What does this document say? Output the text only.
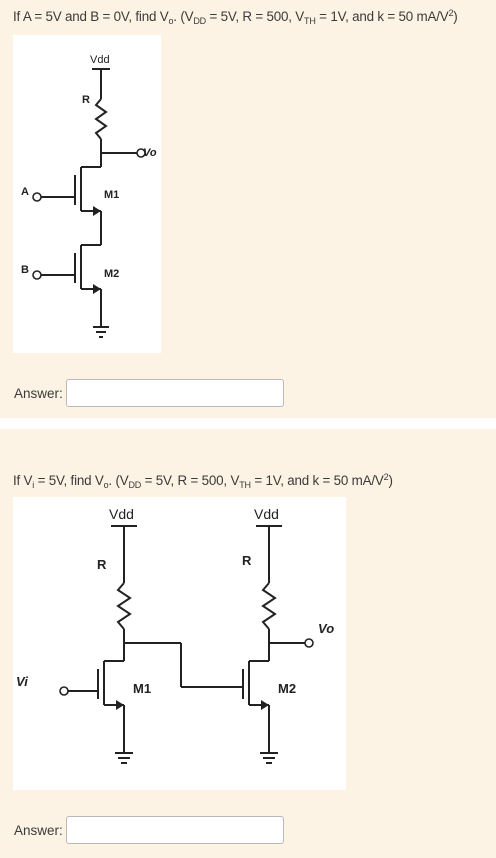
If A = 5V and B = 0V, find $V_o$. ($V_{DD} = 5V$, R = 500, $V_{TH} = 1V$, and k = 50 $mA/V^2$)
Vdd
R
Vo
A
B
M1
M2
Answer:
If $V_i = 5V$, find $V_o$. ($V_{DD} = 5V$, R = 500, $V_{TH} = 1V$, and k = 50 $mA/V^2$)
Vdd	Vdd
R	R
Vo
Vi	M1	M2
Answer:
